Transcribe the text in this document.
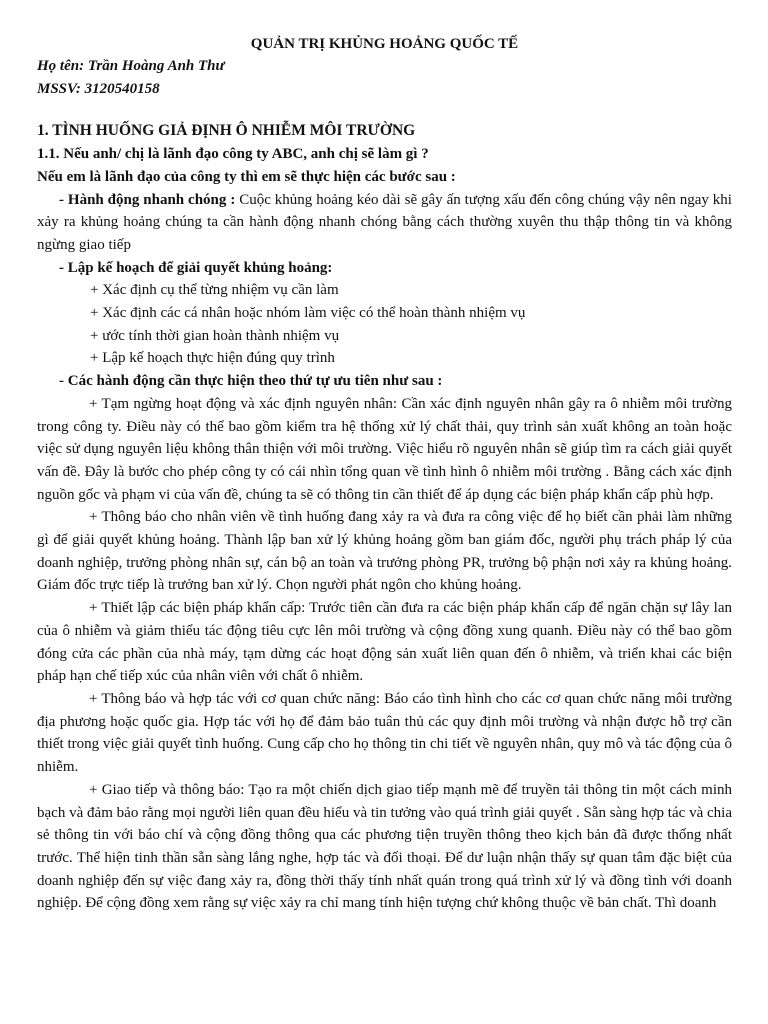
QUẢN TRỊ KHỦNG HOẢNG QUỐC TẾ
Họ tên: Trần Hoàng Anh Thư
MSSV: 3120540158
1. TÌNH HUỐNG GIẢ ĐỊNH Ô NHIỄM MÔI TRƯỜNG
1.1. Nếu anh/ chị là lãnh đạo công ty ABC, anh chị sẽ làm gì ?
Nếu em là lãnh đạo của công ty thì em sẽ thực hiện các bước sau :

- Hành động nhanh chóng : Cuộc khủng hoảng kéo dài sẽ gây ấn tượng xấu đến công chúng vậy nên ngay khi xảy ra khủng hoảng chúng ta cần hành động nhanh chóng bằng cách thường xuyên thu thập thông tin và không ngừng giao tiếp

- Lập kế hoạch để giải quyết khủng hoảng:

+ Xác định cụ thể từng nhiệm vụ cần làm

+ Xác định các cá nhân hoặc nhóm làm việc có thể hoàn thành nhiệm vụ

+ ước tính thời gian hoàn thành nhiệm vụ

+ Lập kế hoạch thực hiện đúng quy trình

- Các hành động cần thực hiện theo thứ tự ưu tiên như sau :

+ Tạm ngừng hoạt động và xác định nguyên nhân: Cần xác định nguyên nhân gây ra ô nhiễm môi trường trong công ty. Điều này có thể bao gồm kiểm tra hệ thống xử lý chất thải, quy trình sản xuất không an toàn hoặc việc sử dụng nguyên liệu không thân thiện với môi trường. Việc hiểu rõ nguyên nhân sẽ giúp tìm ra cách giải quyết vấn đề. Đây là bước cho phép công ty có cái nhìn tổng quan về tình hình ô nhiễm môi trường . Bằng cách xác định nguồn gốc và phạm vi của vấn đề, chúng ta sẽ có thông tin cần thiết để áp dụng các biện pháp khẩn cấp phù hợp.

+ Thông báo cho nhân viên về tình huống đang xảy ra và đưa ra công việc để họ biết cần phải làm những gì để giải quyết khủng hoảng. Thành lập ban xử lý khủng hoảng gồm ban giám đốc, người phụ trách pháp lý của doanh nghiệp, trưởng phòng nhân sự, cán bộ an toàn và trưởng phòng PR, trưởng bộ phận nơi xảy ra khủng hoảng. Giám đốc trực tiếp là trưởng ban xử lý. Chọn người phát ngôn cho khủng hoảng.

+ Thiết lập các biện pháp khẩn cấp: Trước tiên cần đưa ra các biện pháp khẩn cấp để ngăn chặn sự lây lan của ô nhiễm và giảm thiểu tác động tiêu cực lên môi trường và cộng đồng xung quanh. Điều này có thể bao gồm đóng cửa các phần của nhà máy, tạm dừng các hoạt động sản xuất liên quan đến ô nhiễm, và triển khai các biện pháp hạn chế tiếp xúc của nhân viên với chất ô nhiễm.

+ Thông báo và hợp tác với cơ quan chức năng: Báo cáo tình hình cho các cơ quan chức năng môi trường địa phương hoặc quốc gia. Hợp tác với họ để đảm bảo tuân thủ các quy định môi trường và nhận được hỗ trợ cần thiết trong việc giải quyết tình huống. Cung cấp cho họ thông tin chi tiết về nguyên nhân, quy mô và tác động của ô nhiễm.

+ Giao tiếp và thông báo: Tạo ra một chiến dịch giao tiếp mạnh mẽ để truyền tải thông tin một cách minh bạch và đảm bảo rằng mọi người liên quan đều hiểu và tin tưởng vào quá trình giải quyết . Sẵn sàng hợp tác và chia sẻ thông tin với báo chí và cộng đồng thông qua các phương tiện truyền thông theo kịch bản đã được thống nhất trước. Thể hiện tinh thần sẵn sàng lắng nghe, hợp tác và đối thoại. Để dư luận nhận thấy sự quan tâm đặc biệt của doanh nghiệp đến sự việc đang xảy ra, đồng thời thấy tính nhất quán trong quá trình xử lý và đồng tình với doanh nghiệp. Để cộng đồng xem rằng sự việc xảy ra chỉ mang tính hiện tượng chứ không thuộc về bản chất. Thì doanh
